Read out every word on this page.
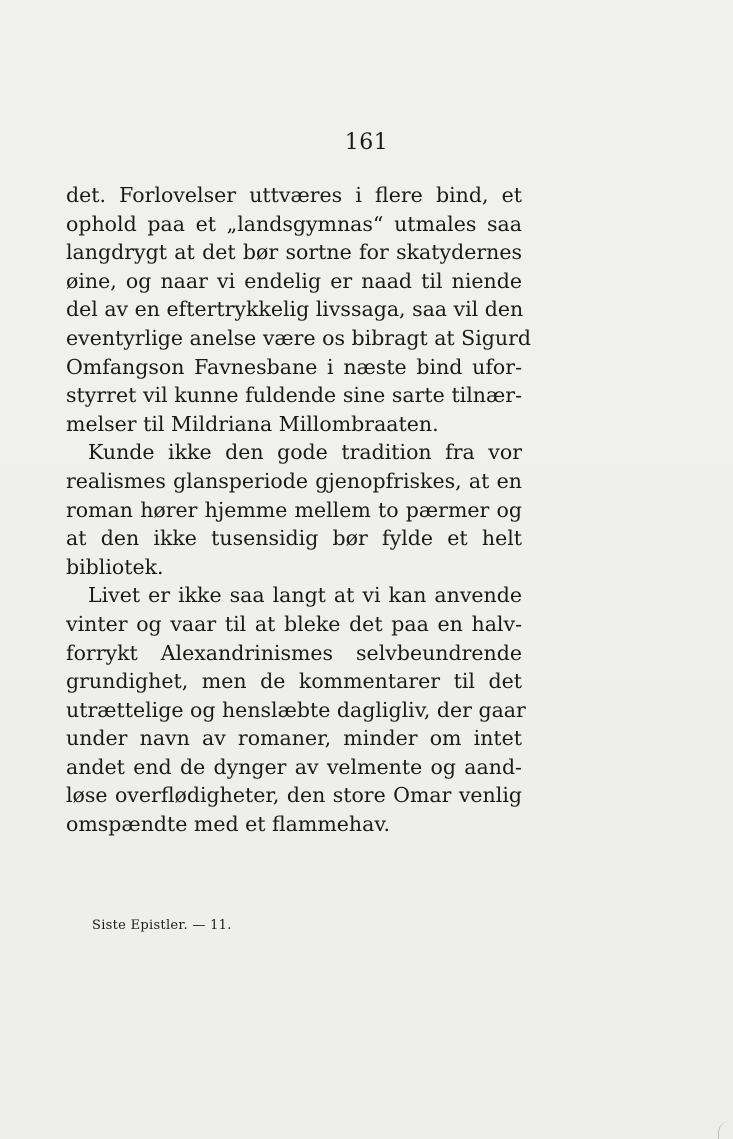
161
det. Forlovelser uttværes i flere bind, et
ophold paa et „landsgymnas“ utmales saa
langdrygt at det bør sortne for skatydernes
øine, og naar vi endelig er naad til niende
del av en eftertrykkelig livssaga, saa vil den
eventyrlige anelse være os bibragt at Sigurd
Omfangson Favnesbane i næste bind ufor-
styrret vil kunne fuldende sine sarte tilnær-
melser til Mildriana Millombraaten.
Kunde ikke den gode tradition fra vor
realismes glansperiode gjenopfriskes, at en
roman hører hjemme mellem to pærmer og
at den ikke tusensidig bør fylde et helt
bibliotek.
Livet er ikke saa langt at vi kan anvende
vinter og vaar til at bleke det paa en halv-
forrykt Alexandrinismes selvbeundrende
grundighet, men de kommentarer til det
utrættelige og henslæbte dagligliv, der gaar
under navn av romaner, minder om intet
andet end de dynger av velmente og aand-
løse overflødigheter, den store Omar venlig
omspændte med et flammehav.
Siste Epistler. — 11.
